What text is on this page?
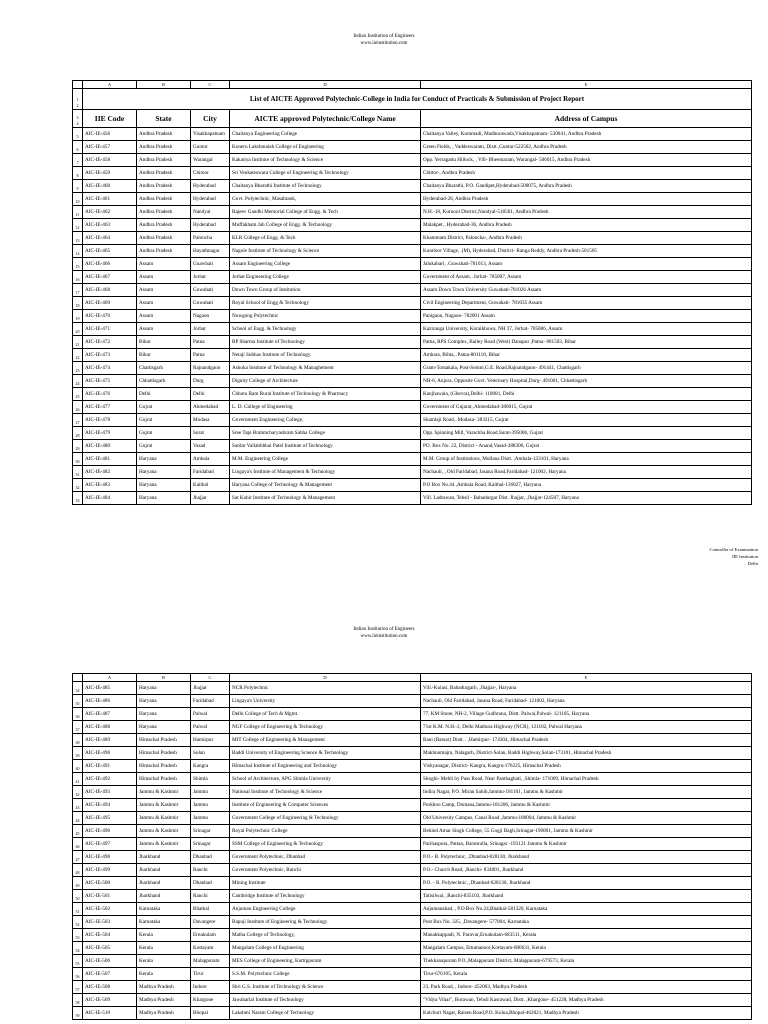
Indian Institution of Engineers
www.iieinstitution.com
	A	B	C	D	E
1
2	List of AICTE Approved Polytechnic-College in India for Conduct of Practicals & Submission of Project Report				
3
4	IIE Code	State	City	AICTE approved Polytechnic/College Name	Address of Campus
5	AIC-IE-456	Andhra Pradesh	Visakhapatnam	Chaitanya Engineering College	Chaitanya Valley, Kommadi, Madhurawada,Visakhapatnam- 530041, Andhra Pradesh
6	AIC-IE-457	Andhra Pradesh	Guntur	Koneru Lakshmaiah College of Engineering	Green Fields, , Vaddeswaram, Distt.,Guntur-522502, Andhra Pradesh
7	AIC-IE-458	Andhra Pradesh	Warangal	Kakatiya Institute of Technology & Science	Opp. Yerragattu Hillock, , Vill- Bheemaram, Warangal- 506015, Andhra Pradesh
8	AIC-IE-459	Andhra Pradesh	Chitoor	Sri Venkateswara College of Engineering & Technology	Chittor-, Andhra Pradesh
9	AIC-IE-460	Andhra Pradesh	Hyderabad	Chaitanya Bharathi Institute of Technology	Chaitanya Bharathi, P.O. Gandipet,Hyderabad-500075, Andhra Pradesh
10	AIC-IE-461	Andhra Pradesh	Hyderabad	Govt. Polytechnic, Masabtank,	Hyderabad-28, Andhra Pradesh
11	AIC-IE-462	Andhra Pradesh	Nandyal	Rajeev Gandhi Memorial College of Engg. & Tech	N.H.-18, Kurnool District,Nandyal-518501, Andhra Pradesh
12	AIC-IE-463	Andhra Pradesh	Hyderabad	Muffakham Jah College of Engg. & Technology	Malakpet, .Hyderabad-36, Andhra Pradesh
13	AIC-IE-464	Andhra Pradesh	Paloncha	KLR College of Engg. & Tech	Khammam District, Paloncha-, Andhra Pradesh
14	AIC-IE-465	Andhra Pradesh	Hayathnagar	Nagole Institute of Technology & Science	Kuntloor Village, .(M), Hyderabad, District- Ranga Reddy, Andhra Pradesh-501505
15	AIC-IE-466	Assam	Guawhati	Assam Engineering College	Jalukabari, .Guwahati-781013, Assam
16	AIC-IE-467	Assam	Jorhat	Jorhat Engineering College	Government of Assam, .Jorhat- 785007, Assam
17	AIC-IE-468	Assam	Guwahati	Down Town Group of Institution	Assam Down Town University Guwahati-781026 Assam
18	AIC-IE-469	Assam	Guwahati	Royal School of Engg & Technology	Civil Engineering Department, Guwahati- 781035 Assam
19	AIC-IE-470	Assam	Nagaon	Nowgong Polytechnic	Panigaon, Nagaon- 782001 Assam
20	AIC-IE-471	Assam	Jorhat	School of Engg. & Technology	Kaziranga University, Koraikhowa, NH 37, Jorhat- 785006, Assam
21	AIC-IE-472	Bihar	Patna	RP Sharma Institute of Technology	Patna, RPS Complex, Bailey Road (West) Danapur ,Patna- 801503, Bihar
22	AIC-IE-473	Bihar	Patna	Netaji Subhas Institute of Technology.	Amhara, Bihta, .Patna-801118, Bihar
23	AIC-IE-474	Chattisgarh	Rajnandgaon	Ashoka Institute of Technology & Managhement	Gram-Tomakala, Post-Somni,G.E. Road,Rajnandgaon- 491441, Chattisgarh
24	AIC-IE-475	Chhattisgarh	Durg	Dignity College of Architecture	NH-6, Anjora, Opposite Govt. Veterinary Hospital,Durg- 491001, Chhattisgarh
25	AIC-IE-476	Delhi	Delhi	Chhotu Ram Rural Institute of Technology & Pharmacy	Kanjhawala, (Ghevra),Delhi- 110081, Delhi
26	AIC-IE-477	Gujrat	Ahmedabad	L. D. College of Engineering	Government of Gujarat,.Ahmedabad-380015, Gujrat
27	AIC-IE-478	Gujrat	Modasa	Government Engineering College,	Shamlaji Road, .Modasa- 383315, Gujrat
28	AIC-IE-479	Gujrat	Surat	Sree Tapi Brahmcharyashram Sabha College	Opp. Spinning Mill, Varachha Road,Surat-395006, Gujrat
29	AIC-IE-480	Gujrat	Vasad	Sardar Vallabhbhai Patel Institute of Technology	PO. Box No. 22, District - Anand,Vasad-388306, Gujrat
30	AIC-IE-481	Haryana	Ambala	M.M. Engineering College	M.M. Group of Institutions, Mullana Distt. ,Ambala-133101, Haryana
31	AIC-IE-482	Haryana	Faridabad	Lingaya's Institute of Management & Technology	Nachauli, , Old Faridabad, Jasana Road,Faridabad- 121002, Haryana
32	AIC-IE-483	Haryana	Kaithal	Haryana College of Technology & Management	P.O Box No.44 ,Ambala Road, Kaithal-136027, Haryana
33	AIC-IE-484	Haryana	Jhajjar	Sat Kabir Institute of Technology & Management	Vill. Ladrawan, Tehsil - Bahadurgar Dist. Jhajjar, ,Jhajjar-124507, Haryana
Controller of Examination
IIE Institution
Delhi
Indian Institution of Engineers
www.iieinstitution.com
	A	B	C	D	E
34	AIC-IE-485	Haryana	Jhajjar	NCR Polytechnic	Vill.-Kulasi, Bahadurgarh, ,Jhajjar-, Haryana
35	AIC-IE-486	Haryana	Faridabad	Lingaya's University	Nachauli, Old Faridabad, Jasana Road, Faridabad- 121002, Haryana
36	AIC-IE-487	Haryana	Palwal	Delhi College of Tech & Mgmt.	77, KM Stone, NH-2, Village Gudhrana, Distt. Palwal,Palwal- 121105, Haryana
37	AIC-IE-488	Haryana	Palwal	NGF College of Engineering & Technology	71st K.M. N.H.-2, Delhi Mathura Highway (NCR), 121102, Palwal Haryana
38	AIC-IE-489	Himachal Pradesh	Hamirpur	MIT College of Engineering & Management	Bani (Barsar) Distt. . ,Hamirpur- 174304, Himachal Pradesh
39	AIC-IE-490	Himachal Pradesh	Solan	Baddi University of Engineering Science & Technology	Makhnumajra, Nalagarh, District-Solan, Baddi Highway,Solan-173101, Himachal Pradesh
40	AIC-IE-491	Himachal Pradesh	Kangra	Himachal Institute of Engineering and Technology	Vishyanagar, District- Kangra, Kangra-176225, Himachal Pradesh
41	AIC-IE-492	Himachal Pradesh	Shimla	School of Architecture, APG Shimla University	Shoghi- Mehli by Pass Road, Near Panthaghati, ,Shimla- 171009, Himachal Pradesh
42	AIC-IE-493	Jammu & Kashmir	Jammu	National Institute of Technology & Science	Indira Nagar, P.O. Miran Sahib,Jammu-181101, Jammu & Kashmir
43	AIC-IE-494	Jammu & Kashmir	Jammu	Institute of Engineering & Computer Sciences	Purkhoo Camp, Domana,Jammu-181206, Jammu & Kashmir
44	AIC-IE-495	Jammu & Kashmir	Jammu	Government College of Engineering & Technology	Old University Campus, Canal Road ,Jammu-180004, Jammu & Kashmir
45	AIC-IE-496	Jammu & Kashmir	Srinagar	Royal Polytechnic College	Behind Amar Singh College, 55 Gogji Bagh,Srinagar-190001, Jammu & Kashmir
46	AIC-IE-497	Jammu & Kashmir	Srinagar	SSM College of Engineering & Technology	Parihaspora, Pattan, Baramulla, Srinagar -193121 Jammu & Kashmir
47	AIC-IE-498	Jharkhand	Dhanbad	Government Polytechnic, Dhanbad	P.O.- B. Polytechnic, ,Dhanbad-828130, Jharkhand
48	AIC-IE-499	Jharkhand	Ranchi	Government Polytechnic, Ranchi	P.O.- Church Road, ,Ranchi- 834001, Jharkhand
49	AIC-IE-500	Jharkhand	Dhanbad	Mining Institute	P.O. - B. Polytechnic, ,Dhanbad-828130, Jharkhand
50	AIC-IE-501	Jharkhand	Ranchi	Cambridge Institute of Technology	Tatisilwai, ,Ranchi-835103, Jharkhand
51	AIC-IE-502	Karnataka	Bhatkal	Anjuman Engineering College	Anjumanabad, , P.O.Box No.24,Bhatkal-581320, Karnataka
52	AIC-IE-503	Karnataka	Davangere	Bapuji Institute of Engineering & Technology	Post Box No. 325, ,Davangere- 577004, Karnataka
53	AIC-IE-504	Kerala	Ernakulam	Matha College of Technology,	Manakkappadi, N. Paravur,Ernakulam-683511, Kerala
54	AIC-IE-505	Kerala	Kottayam	Mangalam College of Engineering	Mangalam Campus, Ettumanoor,Kottayam-686631, Kerala
55	AIC-IE-506	Kerala	Malappuram	MES College of Engineering, Kuttippuram	Thekkanapuram P.O.,Malappuram District,.Malappuram-679573, Kerala
56	AIC-IE-507	Kerala	Tirur	S.S.M. Polytechnic College	Tirur-676105, Kerala
57	AIC-IE-508	Madhya Pradesh	Indore	Shri G.S. Institute of Technology & Science	23, Park Road, , Indore- 452003, Madhya Pradesh
58	AIC-IE-509	Madhya Pradesh	Khargone	Jawaharlal Institute of Technology	"Vidya Vihar", Borawan, Tehsil Kasrawad, Distt. ,Khargone- 451228, Madhya Pradesh
59	AIC-IE-510	Madhya Pradesh	Bhopal	Lakshmi Narain College of Technology	Kalchuri Nagar, Raisen Road,P.O. Kolua,Bhopal-462021, Madhya Pradesh
